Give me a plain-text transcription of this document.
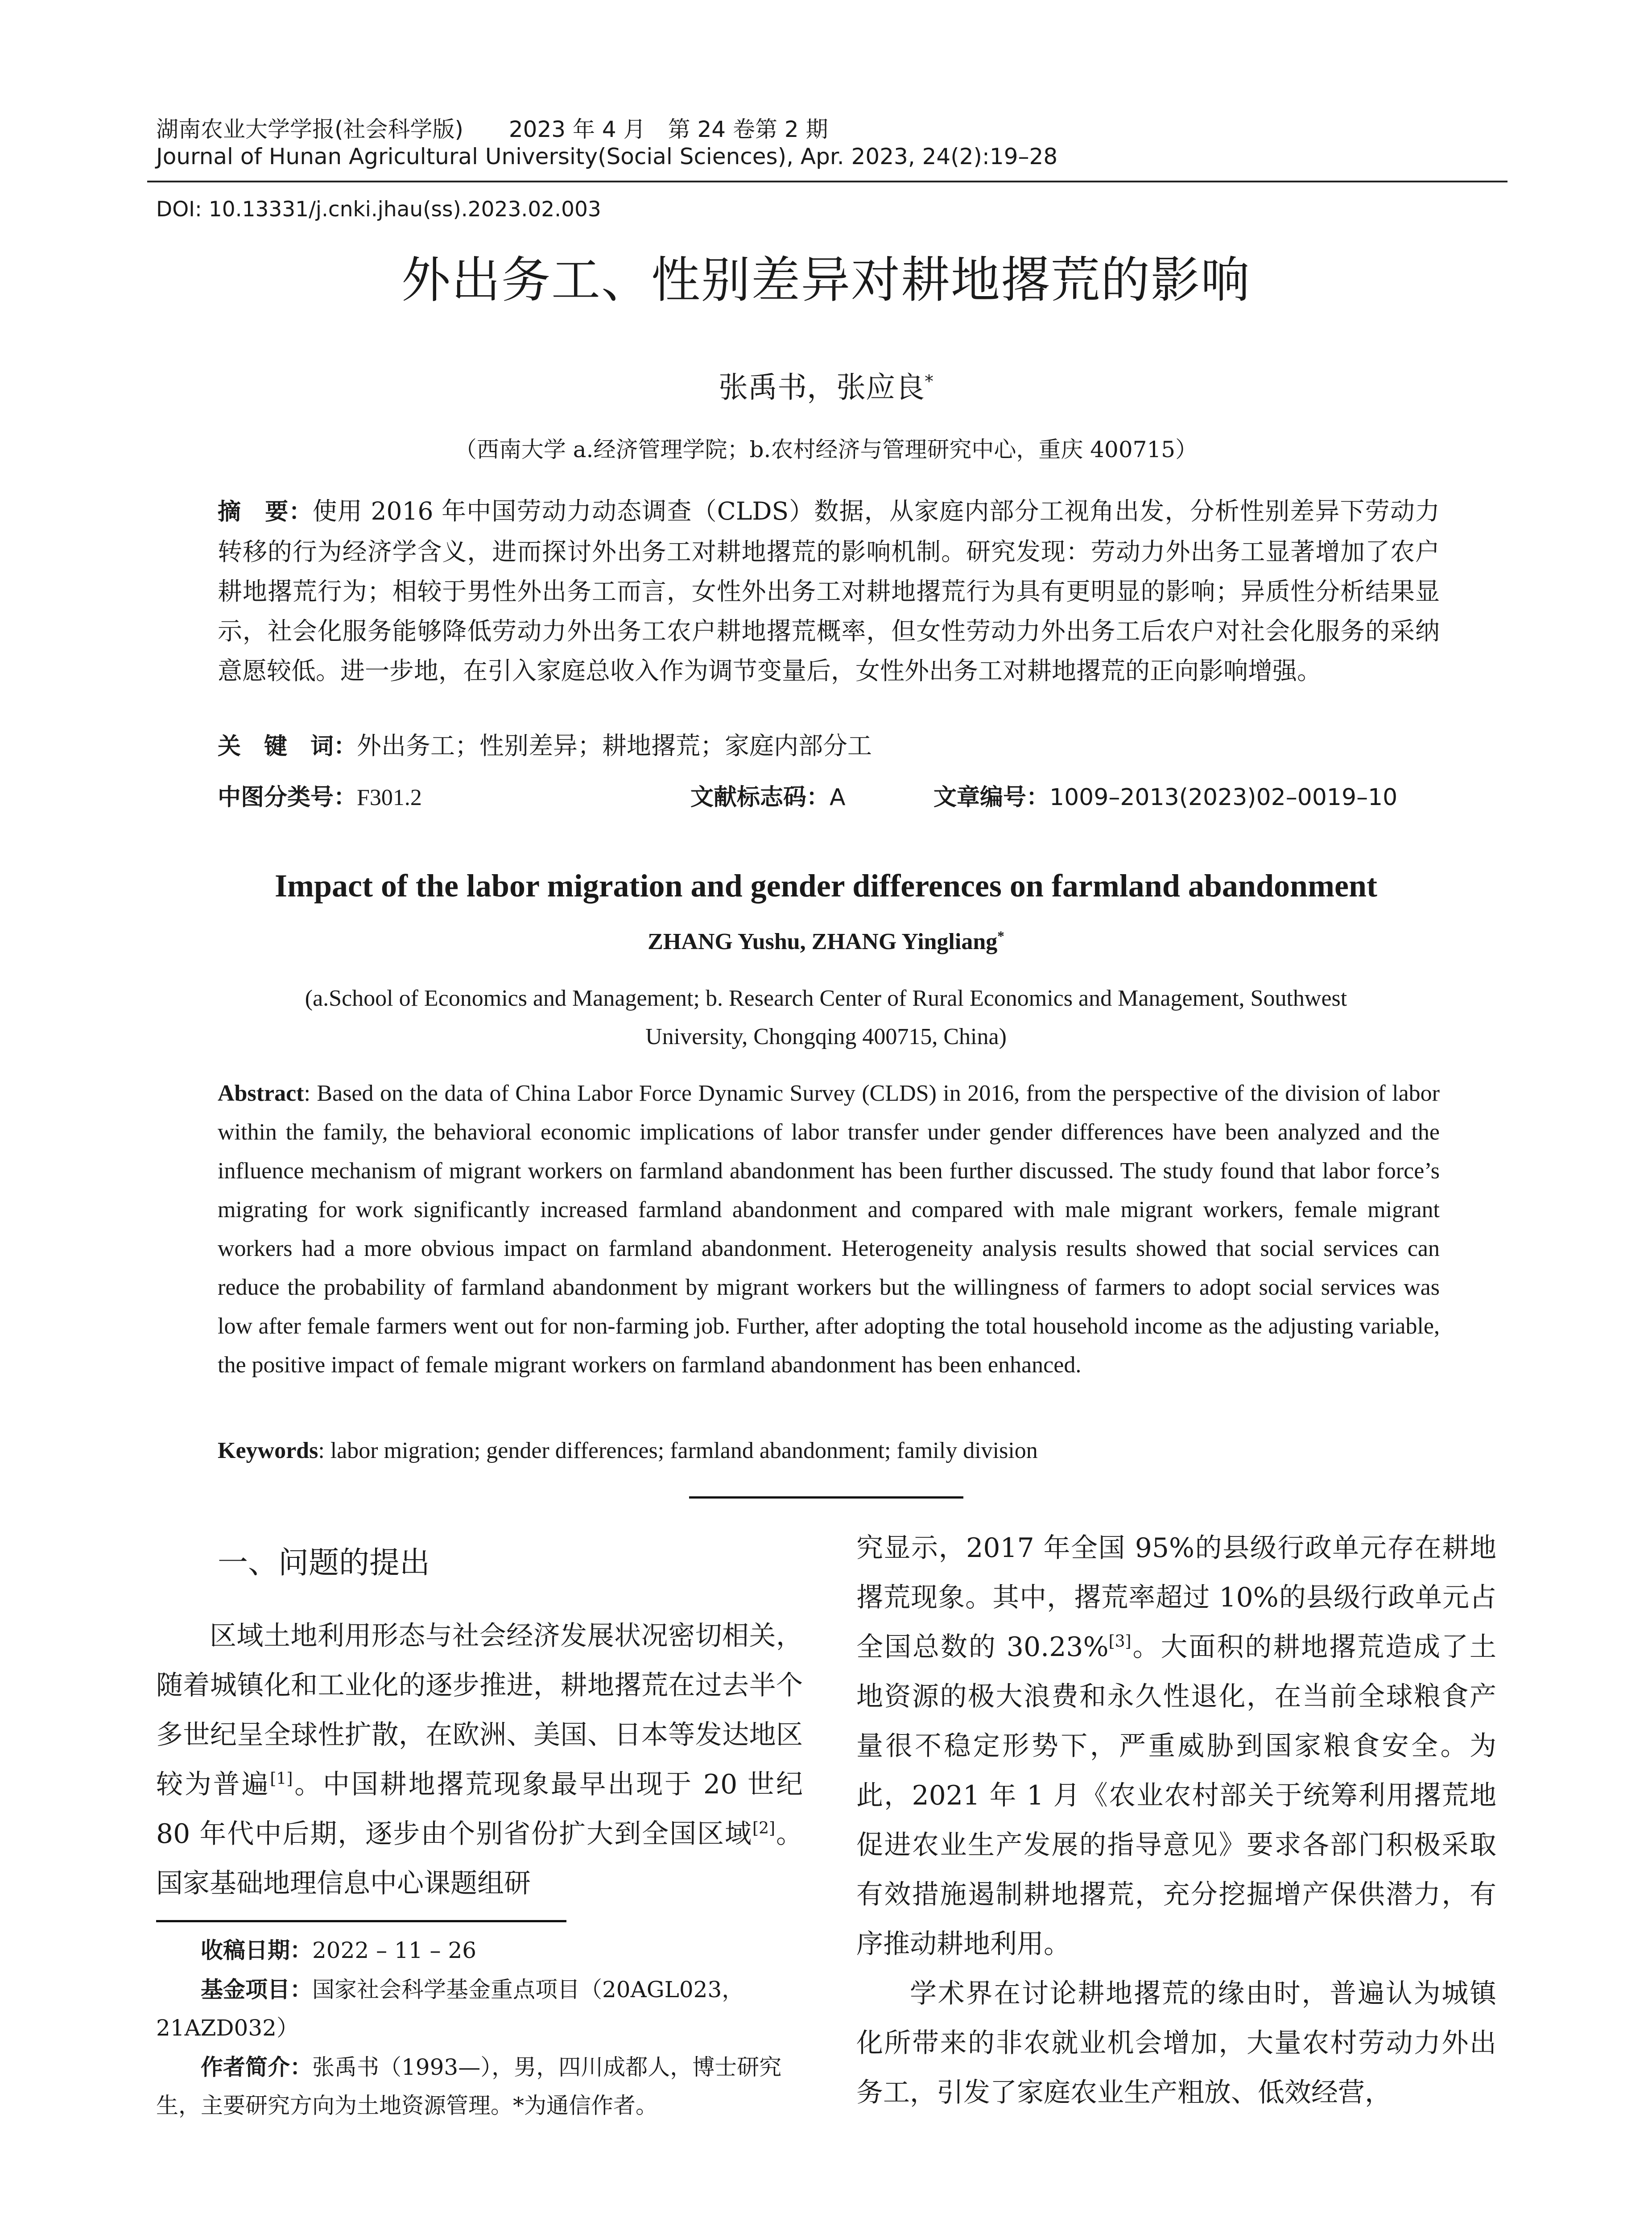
湖南农业大学学报(社会科学版) 2023 年 4 月　第 24 卷第 2 期
Journal of Hunan Agricultural University(Social Sciences), Apr. 2023, 24(2):19–28
DOI: 10.13331/j.cnki.jhau(ss).2023.02.003
外出务工、性别差异对耕地撂荒的影响
张禹书，张应良*
（西南大学 a.经济管理学院；b.农村经济与管理研究中心，重庆 400715）
摘　要：使用 2016 年中国劳动力动态调查（CLDS）数据，从家庭内部分工视角出发，分析性别差异下劳动力转移的行为经济学含义，进而探讨外出务工对耕地撂荒的影响机制。研究发现：劳动力外出务工显著增加了农户耕地撂荒行为；相较于男性外出务工而言，女性外出务工对耕地撂荒行为具有更明显的影响；异质性分析结果显示，社会化服务能够降低劳动力外出务工农户耕地撂荒概率，但女性劳动力外出务工后农户对社会化服务的采纳意愿较低。进一步地，在引入家庭总收入作为调节变量后，女性外出务工对耕地撂荒的正向影响增强。
关　键　词：外出务工；性别差异；耕地撂荒；家庭内部分工
中图分类号：F301.2	文献标志码：A	文章编号：1009–2013(2023)02–0019–10
Impact of the labor migration and gender differences on farmland abandonment
ZHANG Yushu, ZHANG Yingliang*
(a.School of Economics and Management; b. Research Center of Rural Economics and Management, Southwest University, Chongqing 400715, China)
Abstract: Based on the data of China Labor Force Dynamic Survey (CLDS) in 2016, from the perspective of the division of labor within the family, the behavioral economic implications of labor transfer under gender differences have been analyzed and the influence mechanism of migrant workers on farmland abandonment has been further discussed. The study found that labor force’s migrating for work significantly increased farmland abandonment and compared with male migrant workers, female migrant workers had a more obvious impact on farmland abandonment. Heterogeneity analysis results showed that social services can reduce the probability of farmland abandonment by migrant workers but the willingness of farmers to adopt social services was low after female farmers went out for non-farming job. Further, after adopting the total household income as the adjusting variable, the positive impact of female migrant workers on farmland abandonment has been enhanced.
Keywords: labor migration; gender differences; farmland abandonment; family division
一、问题的提出
区域土地利用形态与社会经济发展状况密切相关，随着城镇化和工业化的逐步推进，耕地撂荒在过去半个多世纪呈全球性扩散，在欧洲、美国、日本等发达地区较为普遍[1]。中国耕地撂荒现象最早出现于 20 世纪 80 年代中后期，逐步由个别省份扩大到全国区域[2]。国家基础地理信息中心课题组研
收稿日期：2022 – 11 – 26
基金项目：国家社会科学基金重点项目（20AGL023，21AZD032）
作者简介：张禹书（1993—），男，四川成都人，博士研究生，主要研究方向为土地资源管理。*为通信作者。
究显示，2017 年全国 95%的县级行政单元存在耕地撂荒现象。其中，撂荒率超过 10%的县级行政单元占全国总数的 30.23%[3]。大面积的耕地撂荒造成了土地资源的极大浪费和永久性退化，在当前全球粮食产量很不稳定形势下，严重威胁到国家粮食安全。为此，2021 年 1 月《农业农村部关于统筹利用撂荒地促进农业生产发展的指导意见》要求各部门积极采取有效措施遏制耕地撂荒，充分挖掘增产保供潜力，有序推动耕地利用。
学术界在讨论耕地撂荒的缘由时，普遍认为城镇化所带来的非农就业机会增加，大量农村劳动力外出务工，引发了家庭农业生产粗放、低效经营，
